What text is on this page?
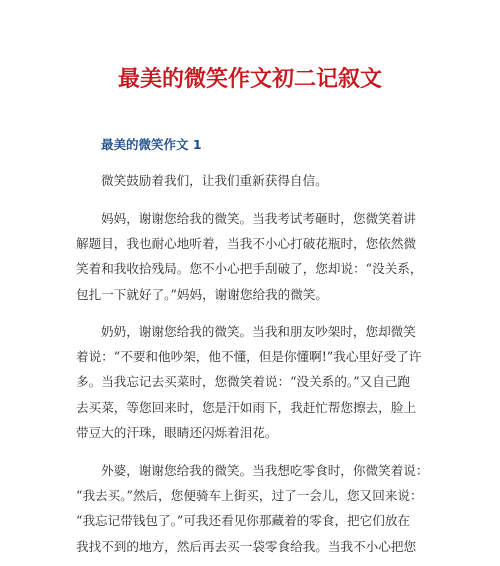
最美的微笑作文初二记叙文
最美的微笑作文 1

微笑鼓励着我们，让我们重新获得自信。

妈妈，谢谢您给我的微笑。当我考试考砸时，您微笑着讲

解题目，我也耐心地听着，当我不小心打破花瓶时，您依然微

笑着和我收拾残局。您不小心把手刮破了，您却说：“没关系，

包扎一下就好了。”妈妈，谢谢您给我的微笑。

奶奶，谢谢您给我的微笑。当我和朋友吵架时，您却微笑

着说：“不要和他吵架，他不懂，但是你懂啊!”我心里好受了许

多。当我忘记去买菜时，您微笑着说：“没关系的。”又自己跑

去买菜，等您回来时，您是汗如雨下，我赶忙帮您擦去，脸上

带豆大的汗珠，眼睛还闪烁着泪花。

外婆，谢谢您给我的微笑。当我想吃零食时，你微笑着说：

“我去买。”然后，您便骑车上街买，过了一会儿，您又回来说：

“我忘记带钱包了。”可我还看见你那藏着的零食，把它们放在

我找不到的地方，然后再去买一袋零食给我。当我不小心把您
